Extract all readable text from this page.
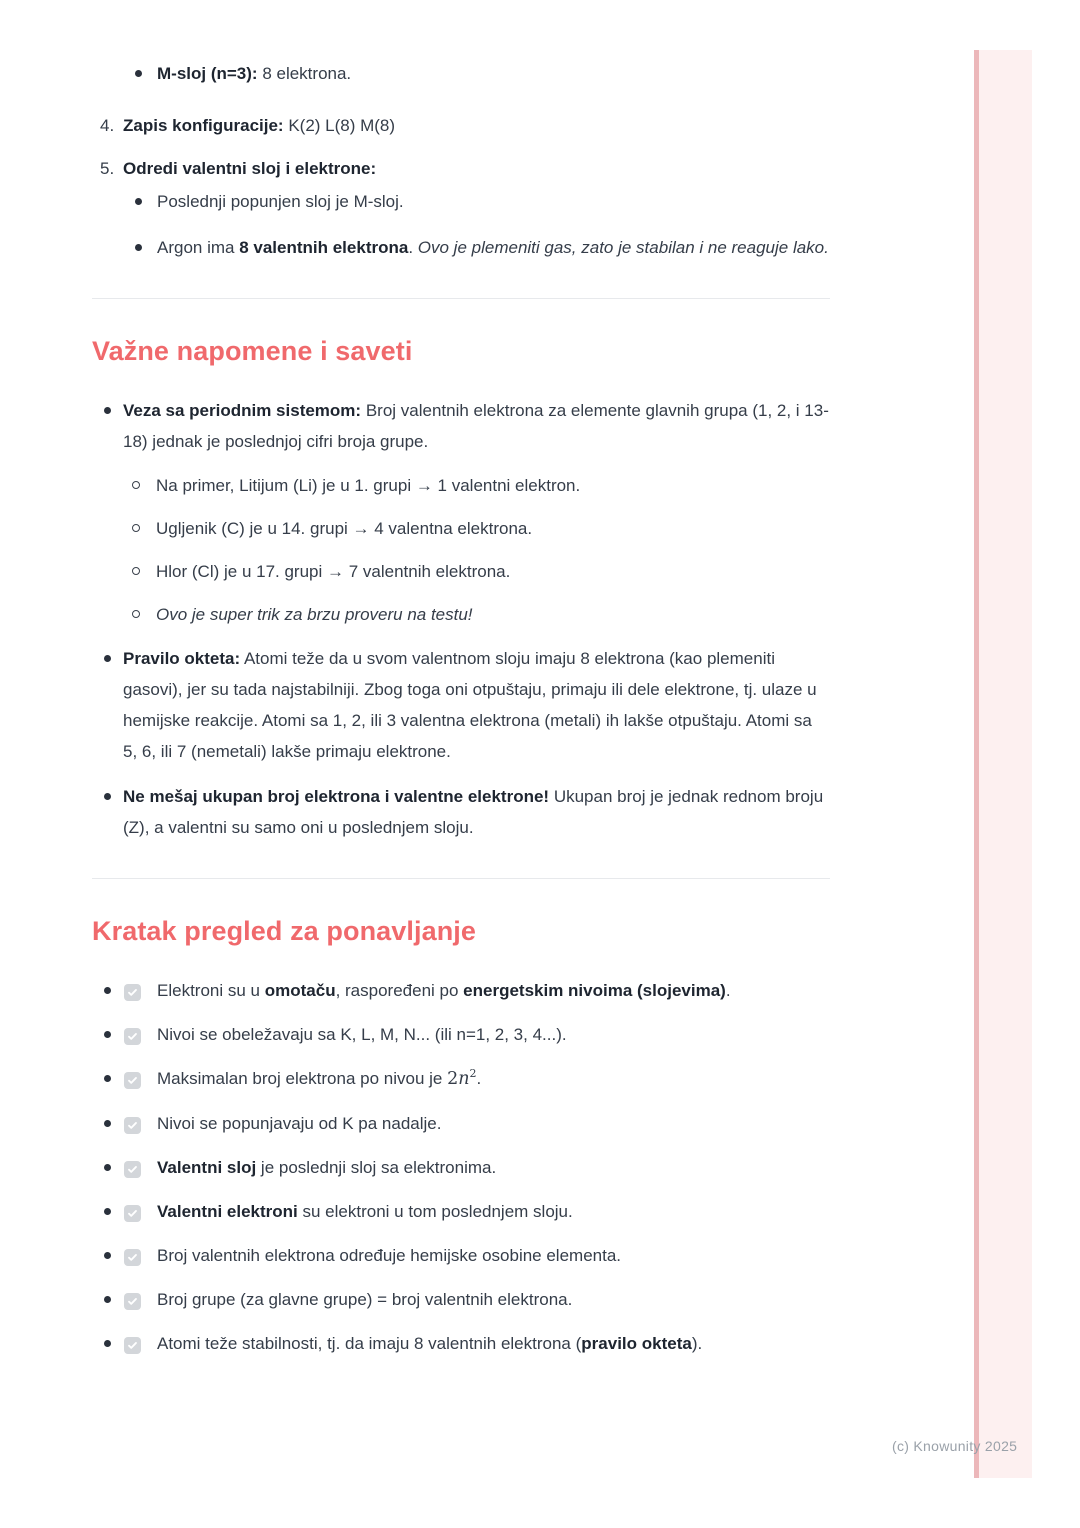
M-sloj (n=3): 8 elektrona.
4. Zapis konfiguracije: K(2) L(8) M(8)
5. Odredi valentni sloj i elektrone:
Poslednji popunjen sloj je M-sloj.
Argon ima 8 valentnih elektrona. Ovo je plemeniti gas, zato je stabilan i ne reaguje lako.
Važne napomene i saveti
Veza sa periodnim sistemom: Broj valentnih elektrona za elemente glavnih grupa (1, 2, i 13-18) jednak je poslednjoj cifri broja grupe.
Na primer, Litijum (Li) je u 1. grupi → 1 valentni elektron.
Ugljenik (C) je u 14. grupi → 4 valentna elektrona.
Hlor (Cl) je u 17. grupi → 7 valentnih elektrona.
Ovo je super trik za brzu proveru na testu!
Pravilo okteta: Atomi teže da u svom valentnom sloju imaju 8 elektrona (kao plemeniti gasovi), jer su tada najstabilniji. Zbog toga oni otpuštaju, primaju ili dele elektrone, tj. ulaze u hemijske reakcije. Atomi sa 1, 2, ili 3 valentna elektrona (metali) ih lakše otpuštaju. Atomi sa 5, 6, ili 7 (nemetali) lakše primaju elektrone.
Ne mešaj ukupan broj elektrona i valentne elektrone! Ukupan broj je jednak rednom broju (Z), a valentni su samo oni u poslednjem sloju.
Kratak pregled za ponavljanje
Elektroni su u omotaču, raspoređeni po energetskim nivoima (slojevima).
Nivoi se obeležavaju sa K, L, M, N... (ili n=1, 2, 3, 4...).
Maksimalan broj elektrona po nivou je $2n^2$.
Nivoi se popunjavaju od K pa nadalje.
Valentni sloj je poslednji sloj sa elektronima.
Valentni elektroni su elektroni u tom poslednjem sloju.
Broj valentnih elektrona određuje hemijske osobine elementa.
Broj grupe (za glavne grupe) = broj valentnih elektrona.
Atomi teže stabilnosti, tj. da imaju 8 valentnih elektrona (pravilo okteta).
(c) Knowunity 2025
